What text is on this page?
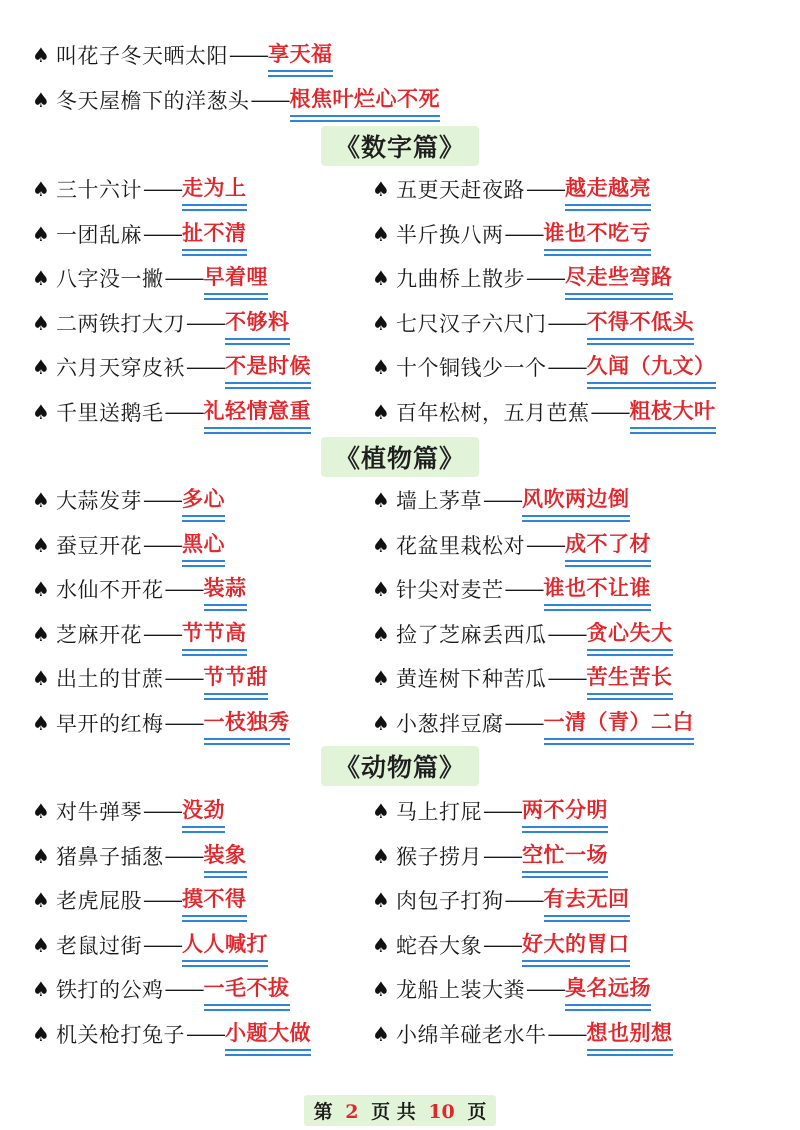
♠ 叫花子冬天晒太阳 —— 享天福
♠ 冬天屋檐下的洋葱头 —— 根焦叶烂心不死
《数字篇》
《植物篇》
《动物篇》
♠ 三十六计 —— 走为上	♠ 五更天赶夜路 —— 越走越亮
♠ 一团乱麻 —— 扯不清	♠ 半斤换八两 —— 谁也不吃亏
♠ 八字没一撇 —— 早着哩	♠ 九曲桥上散步 —— 尽走些弯路
♠ 二两铁打大刀 —— 不够料	♠ 七尺汉子六尺门 —— 不得不低头
♠ 六月天穿皮袄 —— 不是时候	♠ 十个铜钱少一个 —— 久闻（九文）
♠ 千里送鹅毛 —— 礼轻情意重	♠ 百年松树，五月芭蕉 —— 粗枝大叶
♠ 大蒜发芽 —— 多心	♠ 墙上茅草 —— 风吹两边倒
♠ 蚕豆开花 —— 黑心	♠ 花盆里栽松对 —— 成不了材
♠ 水仙不开花 —— 装蒜	♠ 针尖对麦芒 —— 谁也不让谁
♠ 芝麻开花 —— 节节高	♠ 捡了芝麻丢西瓜 —— 贪心失大
♠ 出土的甘蔗 —— 节节甜	♠ 黄连树下种苦瓜 —— 苦生苦长
♠ 早开的红梅 —— 一枝独秀	♠ 小葱拌豆腐 —— 一清（青）二白
♠ 对牛弹琴 —— 没劲	♠ 马上打屁 —— 两不分明
♠ 猪鼻子插葱 —— 装象	♠ 猴子捞月 —— 空忙一场
♠ 老虎屁股 —— 摸不得	♠ 肉包子打狗 —— 有去无回
♠ 老鼠过街 —— 人人喊打	♠ 蛇吞大象 —— 好大的胃口
♠ 铁打的公鸡 —— 一毛不拔	♠ 龙船上装大粪 —— 臭名远扬
♠ 机关枪打兔子 —— 小题大做	♠ 小绵羊碰老水牛 —— 想也别想
第 2 页 共 10 页
